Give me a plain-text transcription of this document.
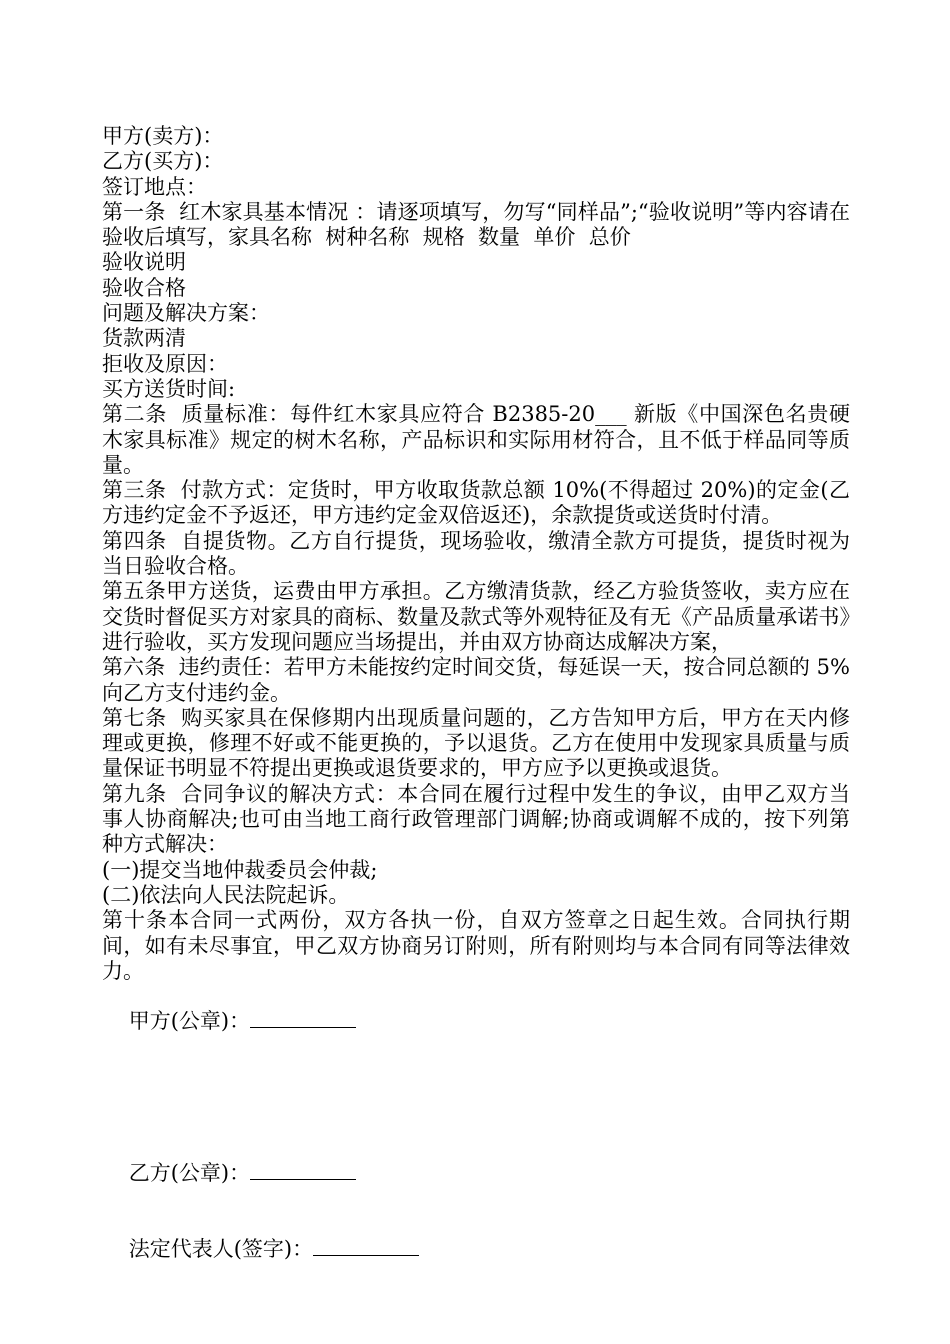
甲方(卖方)：

乙方(买方)：

签订地点：

第一条  红木家具基本情况 ：请逐项填写，勿写“同样品”;“验收说明”等内容请在验收后填写，家具名称  树种名称  规格  数量  单价  总价

验收说明

验收合格

问题及解决方案：

货款两清

拒收及原因：

买方送货时间:

第二条  质量标准：每件红木家具应符合 B2385-20___ 新版《中国深色名贵硬木家具标准》规定的树木名称，产品标识和实际用材符合，且不低于样品同等质量。

第三条  付款方式：定货时，甲方收取货款总额 10%(不得超过 20%)的定金(乙方违约定金不予返还，甲方违约定金双倍返还)，余款提货或送货时付清。

第四条  自提货物。乙方自行提货，现场验收，缴清全款方可提货，提货时视为当日验收合格。

第五条甲方送货，运费由甲方承担。乙方缴清货款，经乙方验货签收，卖方应在交货时督促买方对家具的商标、数量及款式等外观特征及有无《产品质量承诺书》进行验收，买方发现问题应当场提出，并由双方协商达成解决方案，

第六条  违约责任：若甲方未能按约定时间交货，每延误一天，按合同总额的 5%向乙方支付违约金。

第七条  购买家具在保修期内出现质量问题的，乙方告知甲方后，甲方在天内修理或更换，修理不好或不能更换的，予以退货。乙方在使用中发现家具质量与质量保证书明显不符提出更换或退货要求的，甲方应予以更换或退货。

第九条  合同争议的解决方式：本合同在履行过程中发生的争议，由甲乙双方当事人协商解决;也可由当地工商行政管理部门调解;协商或调解不成的，按下列第种方式解决：

(一)提交当地仲裁委员会仲裁;

(二)依法向人民法院起诉。

第十条本合同一式两份，双方各执一份，自双方签章之日起生效。合同执行期间，如有未尽事宜，甲乙双方协商另订附则，所有附则均与本合同有同等法律效力。

甲方(公章)：

乙方(公章)：

法定代表人(签字)：
